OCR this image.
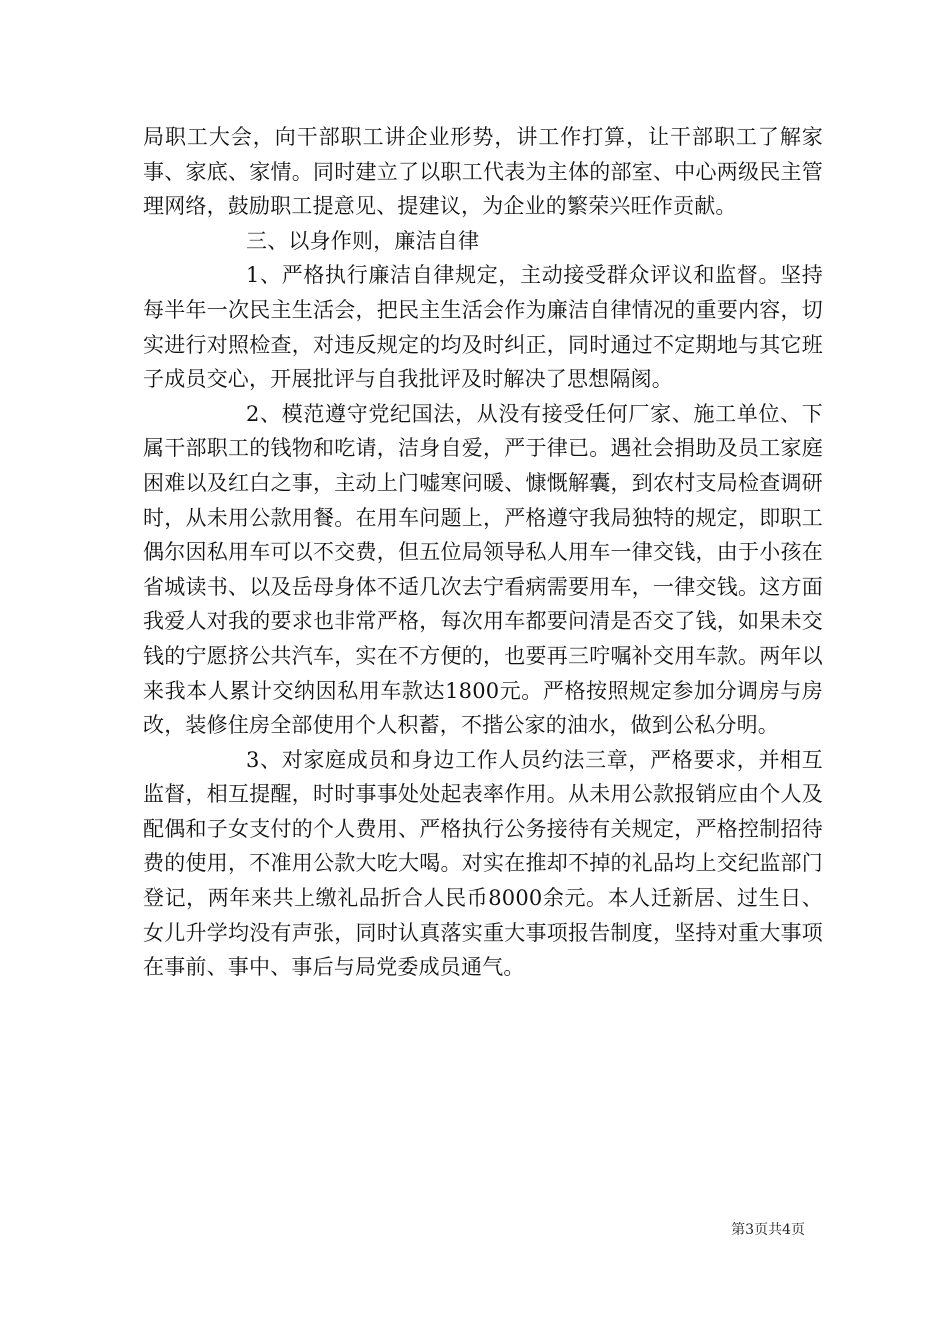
局职工大会，向干部职工讲企业形势，讲工作打算，让干部职工了解家事、家底、家情。同时建立了以职工代表为主体的部室、中心两级民主管理网络，鼓励职工提意见、提建议，为企业的繁荣兴旺作贡献。

三、以身作则，廉洁自律

1、严格执行廉洁自律规定，主动接受群众评议和监督。坚持每半年一次民主生活会，把民主生活会作为廉洁自律情况的重要内容，切实进行对照检查，对违反规定的均及时纠正，同时通过不定期地与其它班子成员交心，开展批评与自我批评及时解决了思想隔阂。

2、模范遵守党纪国法，从没有接受任何厂家、施工单位、下属干部职工的钱物和吃请，洁身自爱，严于律已。遇社会捐助及员工家庭困难以及红白之事，主动上门嘘寒问暖、慷慨解囊，到农村支局检查调研时，从未用公款用餐。在用车问题上，严格遵守我局独特的规定，即职工偶尔因私用车可以不交费，但五位局领导私人用车一律交钱，由于小孩在省城读书、以及岳母身体不适几次去宁看病需要用车，一律交钱。这方面我爱人对我的要求也非常严格，每次用车都要问清是否交了钱，如果未交钱的宁愿挤公共汽车，实在不方便的，也要再三咛嘱补交用车款。两年以来我本人累计交纳因私用车款达1800元。严格按照规定参加分调房与房改，装修住房全部使用个人积蓄，不揩公家的油水，做到公私分明。

3、对家庭成员和身边工作人员约法三章，严格要求，并相互监督，相互提醒，时时事事处处起表率作用。从未用公款报销应由个人及配偶和子女支付的个人费用、严格执行公务接待有关规定，严格控制招待费的使用，不准用公款大吃大喝。对实在推却不掉的礼品均上交纪监部门登记，两年来共上缴礼品折合人民币8000余元。本人迁新居、过生日、女儿升学均没有声张，同时认真落实重大事项报告制度，坚持对重大事项在事前、事中、事后与局党委成员通气。

第3页共4页
